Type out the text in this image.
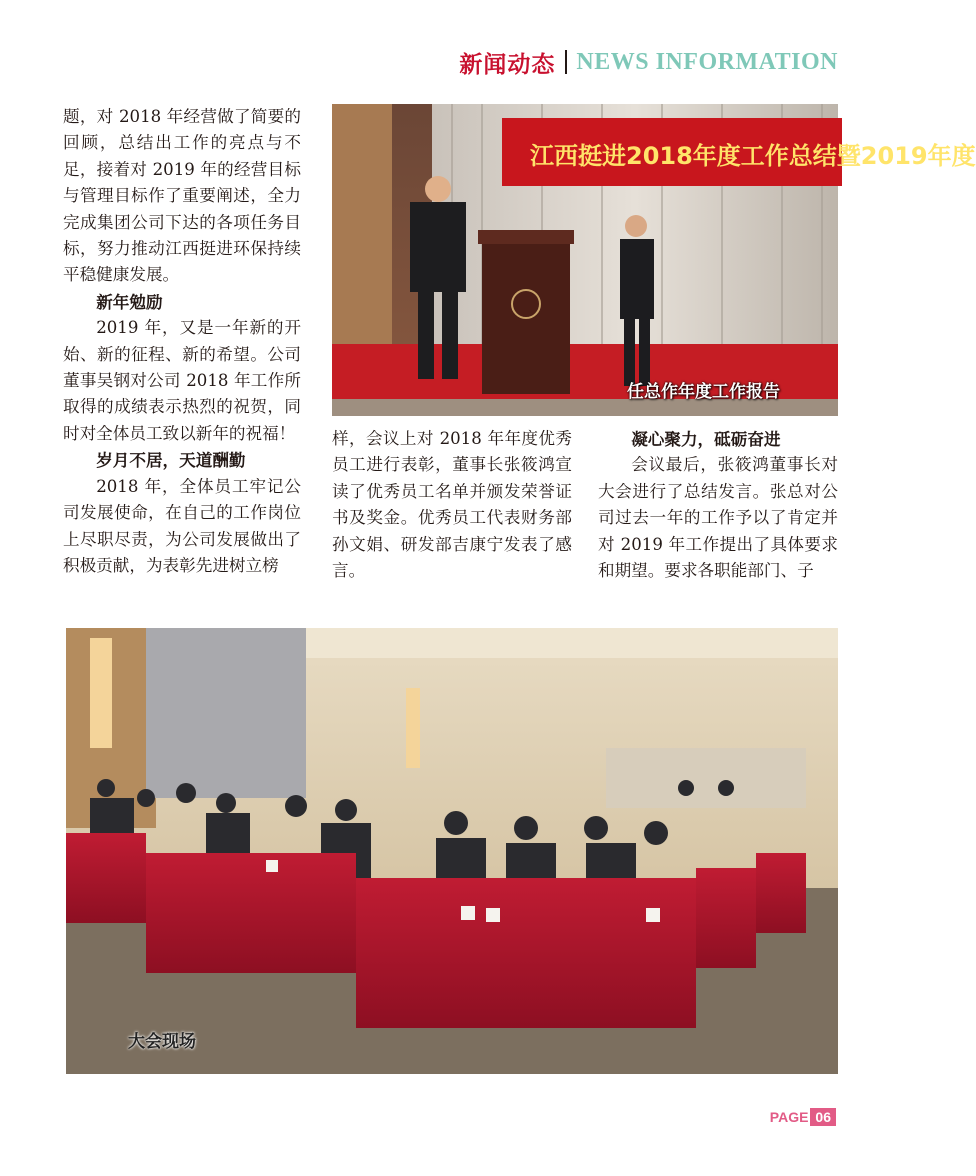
新闻动态 NEWS INFORMATION

题，对 2018 年经营做了简要的回顾，总结出工作的亮点与不足，接着对 2019 年的经营目标与管理目标作了重要阐述，全力完成集团公司下达的各项任务目标，努力推动江西挺进环保持续平稳健康发展。

新年勉励

2019 年，又是一年新的开始、新的征程、新的希望。公司董事吴钢对公司 2018 年工作所取得的成绩表示热烈的祝贺，同时对全体员工致以新年的祝福！

岁月不居，天道酬勤

2018 年，全体员工牢记公司发展使命，在自己的工作岗位上尽职尽责，为公司发展做出了积极贡献，为表彰先进树立榜

江西挺进2018年度工作总结暨2019年度
任总作年度工作报告

样，会议上对 2018 年年度优秀员工进行表彰，董事长张筱鸿宣读了优秀员工名单并颁发荣誉证书及奖金。优秀员工代表财务部孙文娟、研发部吉康宁发表了感言。

凝心聚力，砥砺奋进

会议最后，张筱鸿董事长对大会进行了总结发言。张总对公司过去一年的工作予以了肯定并对 2019 年工作提出了具体要求和期望。要求各职能部门、子

大会现场
PAGE 06
